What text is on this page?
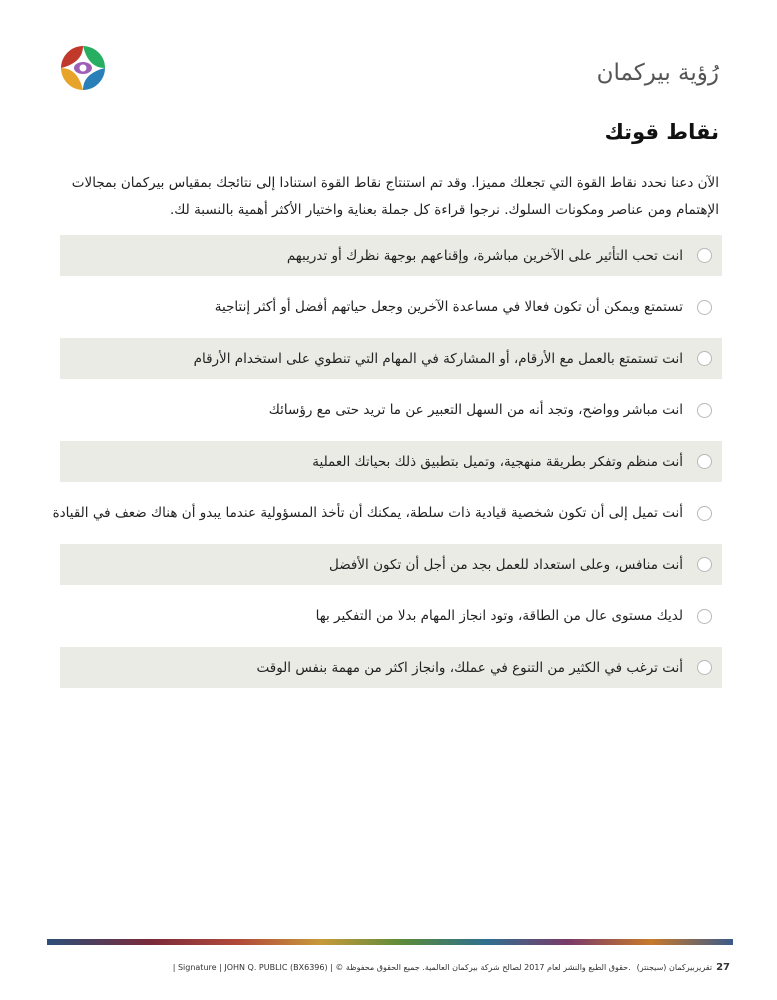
رُؤية بيركمان
نقاط قوتك
الآن دعنا نحدد نقاط القوة التي تجعلك مميزا. وقد تم استنتاج نقاط القوة استنادا إلى نتائجك بمقياس بيركمان بمجالات الإهتمام ومن عناصر ومكونات السلوك. نرجوا قراءة كل جملة بعناية واختيار الأكثر أهمية بالنسبة لك.
انت تحب التأثير على الآخرين مباشرة، وإقناعهم بوجهة نظرك أو تدريبهم
تستمتع ويمكن أن تكون فعالا في مساعدة الآخرين وجعل حياتهم أفضل أو أكثر إنتاجية
انت تستمتع بالعمل مع الأرقام، أو المشاركة في المهام التي تنطوي على استخدام الأرقام
انت مباشر وواضح، وتجد أنه من السهل التعبير عن ما تريد حتى مع رؤسائك
أنت منظم وتفكر بطريقة منهجية، وتميل بتطبيق ذلك بحياتك العملية
أنت تميل إلى أن تكون شخصية قيادية ذات سلطة، يمكنك أن تأخذ المسؤولية عندما يبدو أن هناك ضعف في القيادة
أنت منافس، وعلى استعداد للعمل بجد من أجل أن تكون الأفضل
لديك مستوى عال من الطاقة، وتود انجاز المهام بدلا من التفكير بها
أنت ترغب في الكثير من التنوع في عملك، وانجاز اكثر من مهمة بنفس الوقت
27
تقريربيركمان (سيجنتر)
| Signature | JOHN Q. PUBLIC (BX6396) | © حقوق الطبع والنشر لعام 2017 لصالح شركة بيركمان العالمية. جميع الحقوق محفوظة.
